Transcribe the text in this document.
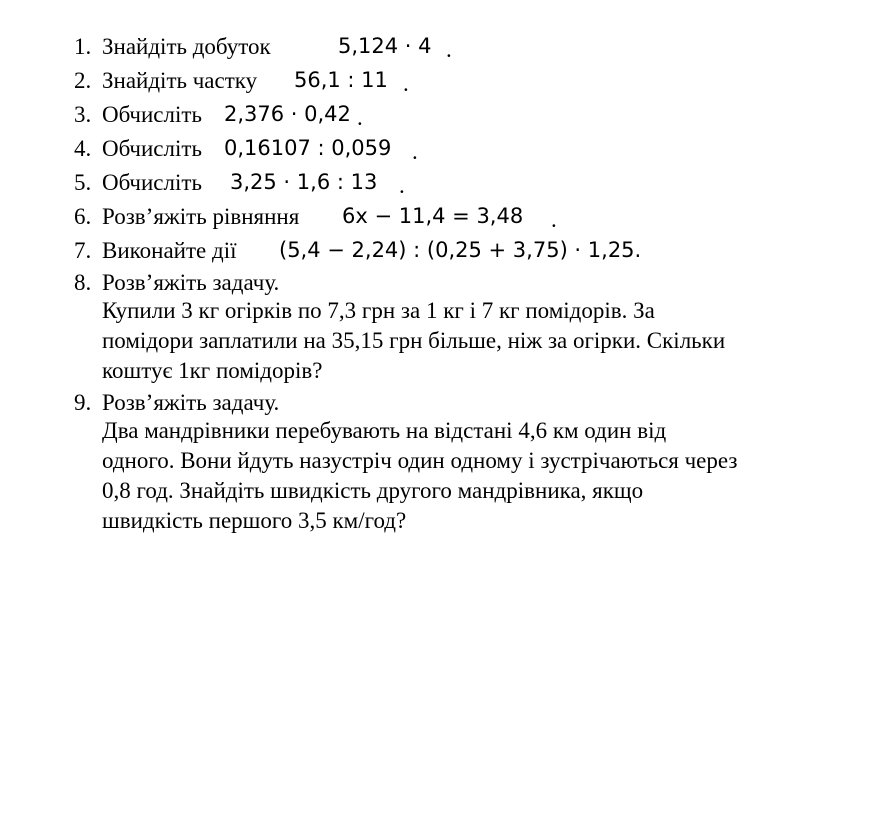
1. Знайдіть добуток	5,124 · 4 .
2. Знайдіть частку 56,1 : 11 .
3. Обчисліть 2,376 · 0,42 .
4. Обчисліть 0,16107 : 0,059 .
5. Обчисліть 3,25 · 1,6 : 13 .
6. Розв’яжіть рівняння 6x − 11,4 = 3,48 .
7. Виконайте дії (5,4 − 2,24) : (0,25 + 3,75) · 1,25.
8. Розв’яжіть задачу.
Купили 3 кг огірків по 7,3 грн за 1 кг і 7 кг помідорів. За
помідори заплатили на 35,15 грн більше, ніж за огірки. Скільки
коштує 1кг помідорів?
9. Розв’яжіть задачу.
Два мандрівники перебувають на відстані 4,6 км один від
одного. Вони йдуть назустріч один одному і зустрічаються через
0,8 год. Знайдіть швидкість другого мандрівника, якщо
швидкість першого 3,5 км/год?
